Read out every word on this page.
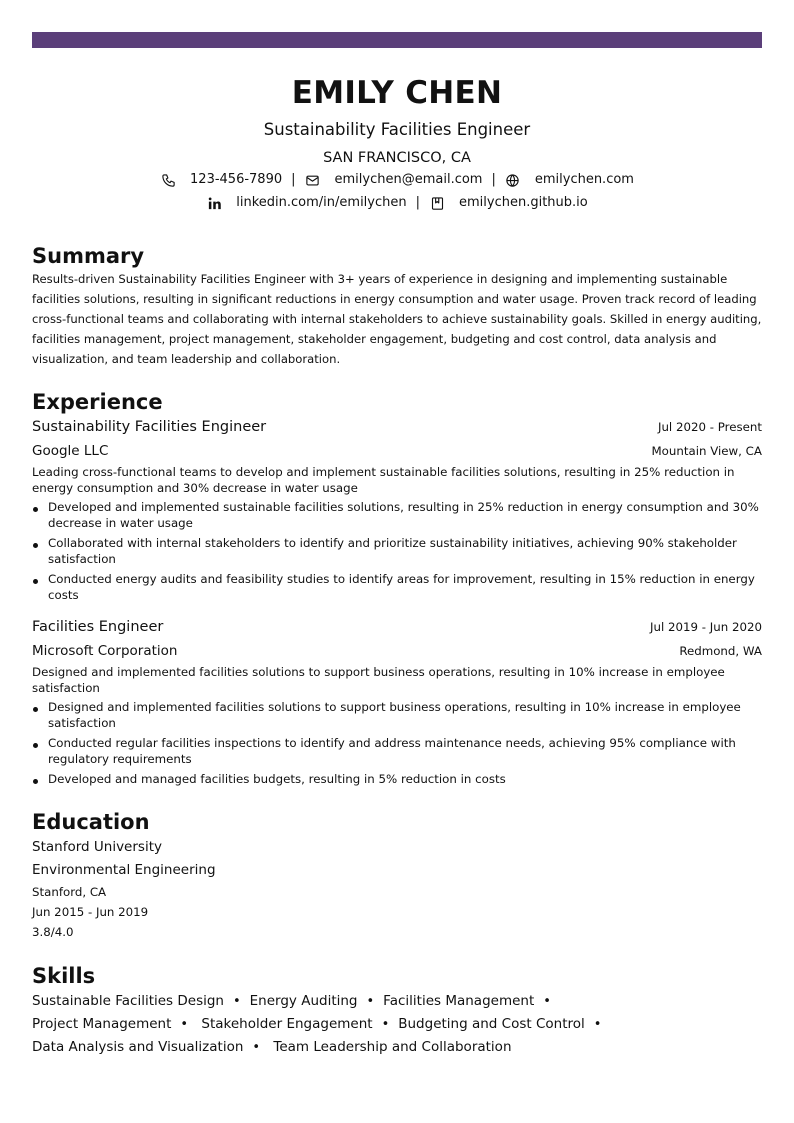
EMILY CHEN
Sustainability Facilities Engineer
SAN FRANCISCO, CA
123-456-7890 |	emilychen@email.com |	emilychen.com
linkedin.com/in/emilychen |	emilychen.github.io
Summary
Results-driven Sustainability Facilities Engineer with 3+ years of experience in designing and implementing sustainable facilities solutions, resulting in significant reductions in energy consumption and water usage. Proven track record of leading cross-functional teams and collaborating with internal stakeholders to achieve sustainability goals. Skilled in energy auditing, facilities management, project management, stakeholder engagement, budgeting and cost control, data analysis and visualization, and team leadership and collaboration.
Experience
Sustainability Facilities Engineer	Jul 2020 - Present
Google LLC	Mountain View, CA
Leading cross-functional teams to develop and implement sustainable facilities solutions, resulting in 25% reduction in energy consumption and 30% decrease in water usage
Developed and implemented sustainable facilities solutions, resulting in 25% reduction in energy consumption and 30% decrease in water usage
Collaborated with internal stakeholders to identify and prioritize sustainability initiatives, achieving 90% stakeholder satisfaction
Conducted energy audits and feasibility studies to identify areas for improvement, resulting in 15% reduction in energy costs
Facilities Engineer	Jul 2019 - Jun 2020
Microsoft Corporation	Redmond, WA
Designed and implemented facilities solutions to support business operations, resulting in 10% increase in employee satisfaction
Designed and implemented facilities solutions to support business operations, resulting in 10% increase in employee satisfaction
Conducted regular facilities inspections to identify and address maintenance needs, achieving 95% compliance with regulatory requirements
Developed and managed facilities budgets, resulting in 5% reduction in costs
Education
Stanford University
Environmental Engineering
Stanford, CA
Jun 2015 - Jun 2019
3.8/4.0
Skills
Sustainable Facilities Design • Energy Auditing • Facilities Management •Project Management • Stakeholder Engagement • Budgeting and Cost Control •Data Analysis and Visualization • Team Leadership and Collaboration
